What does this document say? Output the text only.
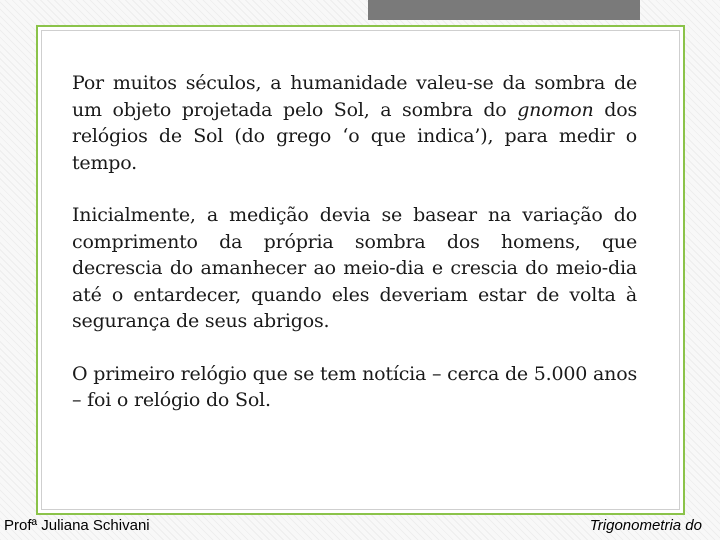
Por muitos séculos, a humanidade valeu-se da sombra de um objeto projetada pelo Sol, a sombra do gnomon dos relógios de Sol (do grego ‘o que indica’), para medir o tempo.

Inicialmente, a medição devia se basear na variação do comprimento da própria sombra dos homens, que decrescia do amanhecer ao meio-dia e crescia do meio-dia até o entardecer, quando eles deveriam estar de volta à segurança de seus abrigos.

O primeiro relógio que se tem notícia – cerca de 5.000 anos – foi o relógio do Sol.

Profª Juliana Schivani	Trigonometria do
